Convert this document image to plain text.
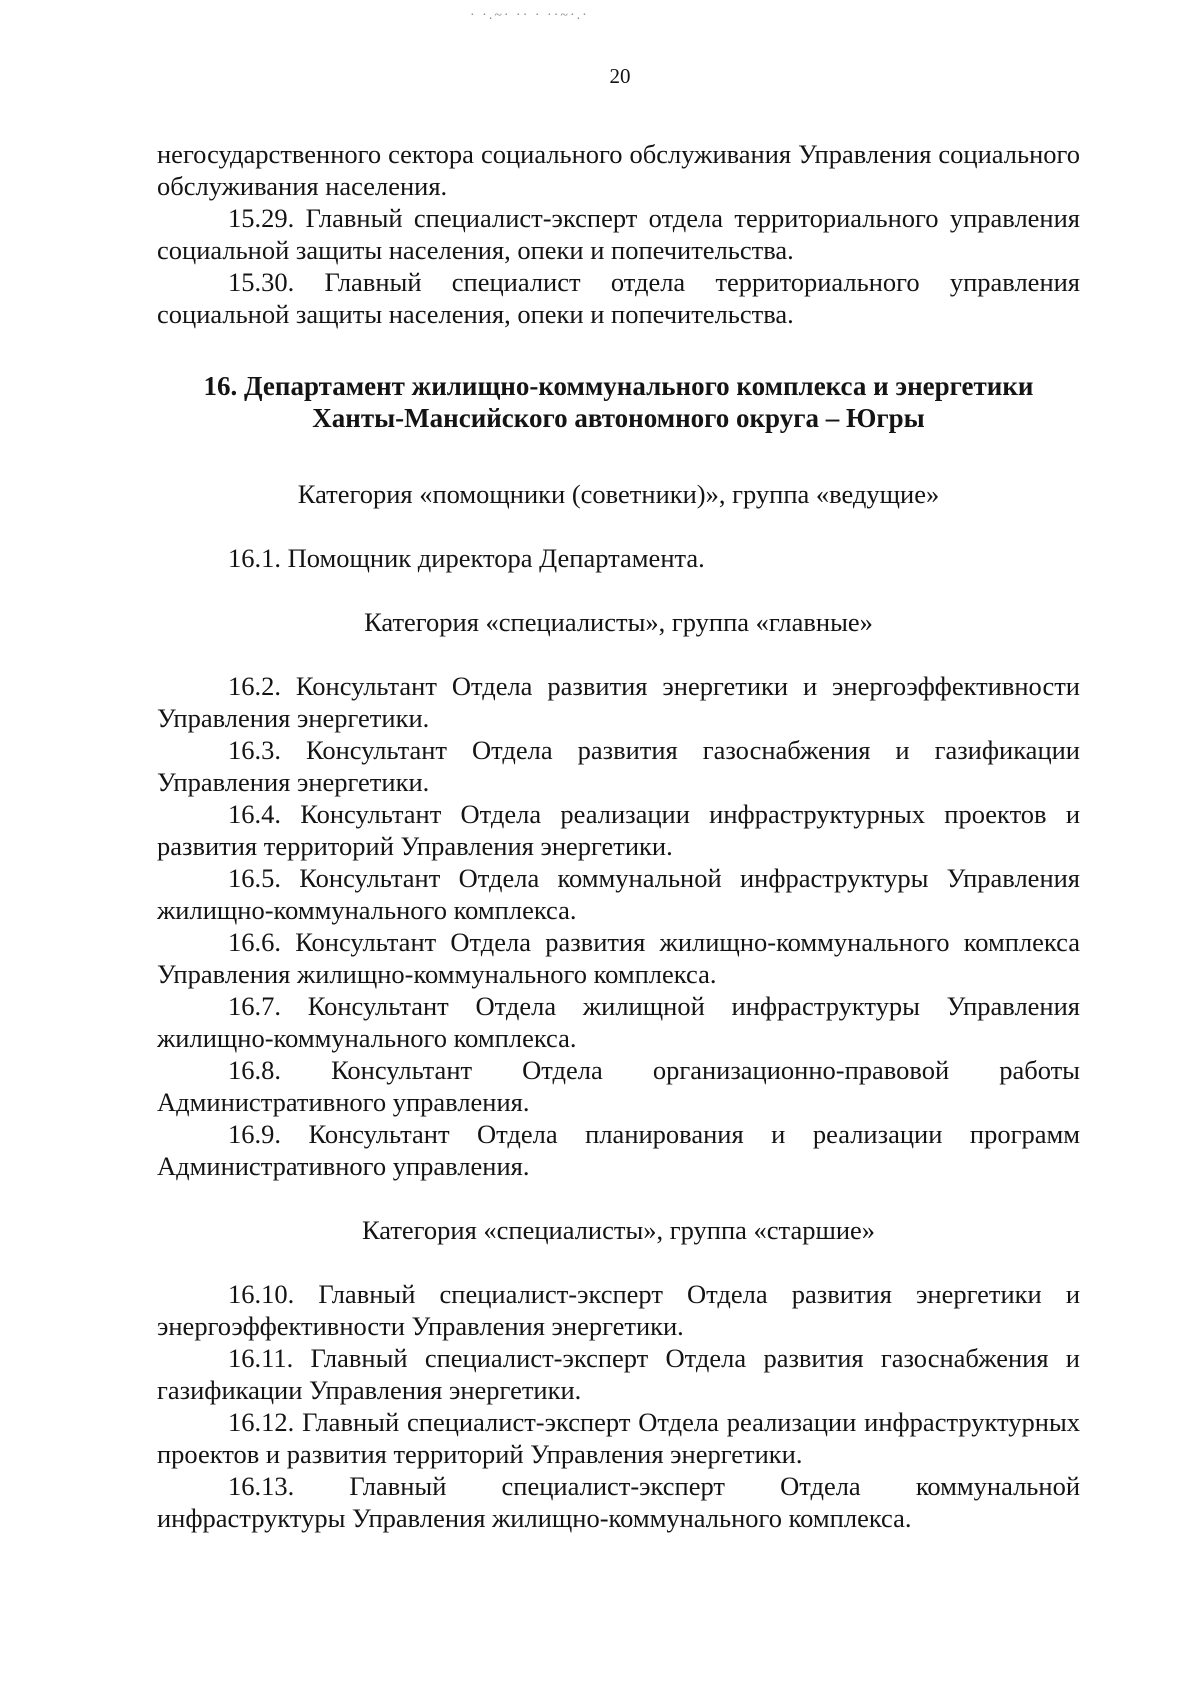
· ·.~· ·· · ··~·.·
20

негосударственного сектора социального обслуживания Управления социального обслуживания населения.

15.29. Главный специалист-эксперт отдела территориального управления социальной защиты населения, опеки и попечительства.

15.30. Главный специалист отдела территориального управления социальной защиты населения, опеки и попечительства.

16. Департамент жилищно-коммунального комплекса и энергетики
Ханты-Мансийского автономного округа – Югры
Категория «помощники (советники)», группа «ведущие»

16.1. Помощник директора Департамента.

Категория «специалисты», группа «главные»

16.2. Консультант Отдела развития энергетики и энергоэффективности Управления энергетики.

16.3. Консультант Отдела развития газоснабжения и газификации Управления энергетики.

16.4. Консультант Отдела реализации инфраструктурных проектов и развития территорий Управления энергетики.

16.5. Консультант Отдела коммунальной инфраструктуры Управления жилищно-коммунального комплекса.

16.6. Консультант Отдела развития жилищно-коммунального комплекса Управления жилищно-коммунального комплекса.

16.7. Консультант Отдела жилищной инфраструктуры Управления жилищно-коммунального комплекса.

16.8. Консультант Отдела организационно-правовой работы Административного управления.

16.9. Консультант Отдела планирования и реализации программ Административного управления.

Категория «специалисты», группа «старшие»

16.10. Главный специалист-эксперт Отдела развития энергетики и энергоэффективности Управления энергетики.

16.11. Главный специалист-эксперт Отдела развития газоснабжения и газификации Управления энергетики.

16.12. Главный специалист-эксперт Отдела реализации инфраструктурных проектов и развития территорий Управления энергетики.

16.13. Главный специалист-эксперт Отдела коммунальной инфраструктуры Управления жилищно-коммунального комплекса.
